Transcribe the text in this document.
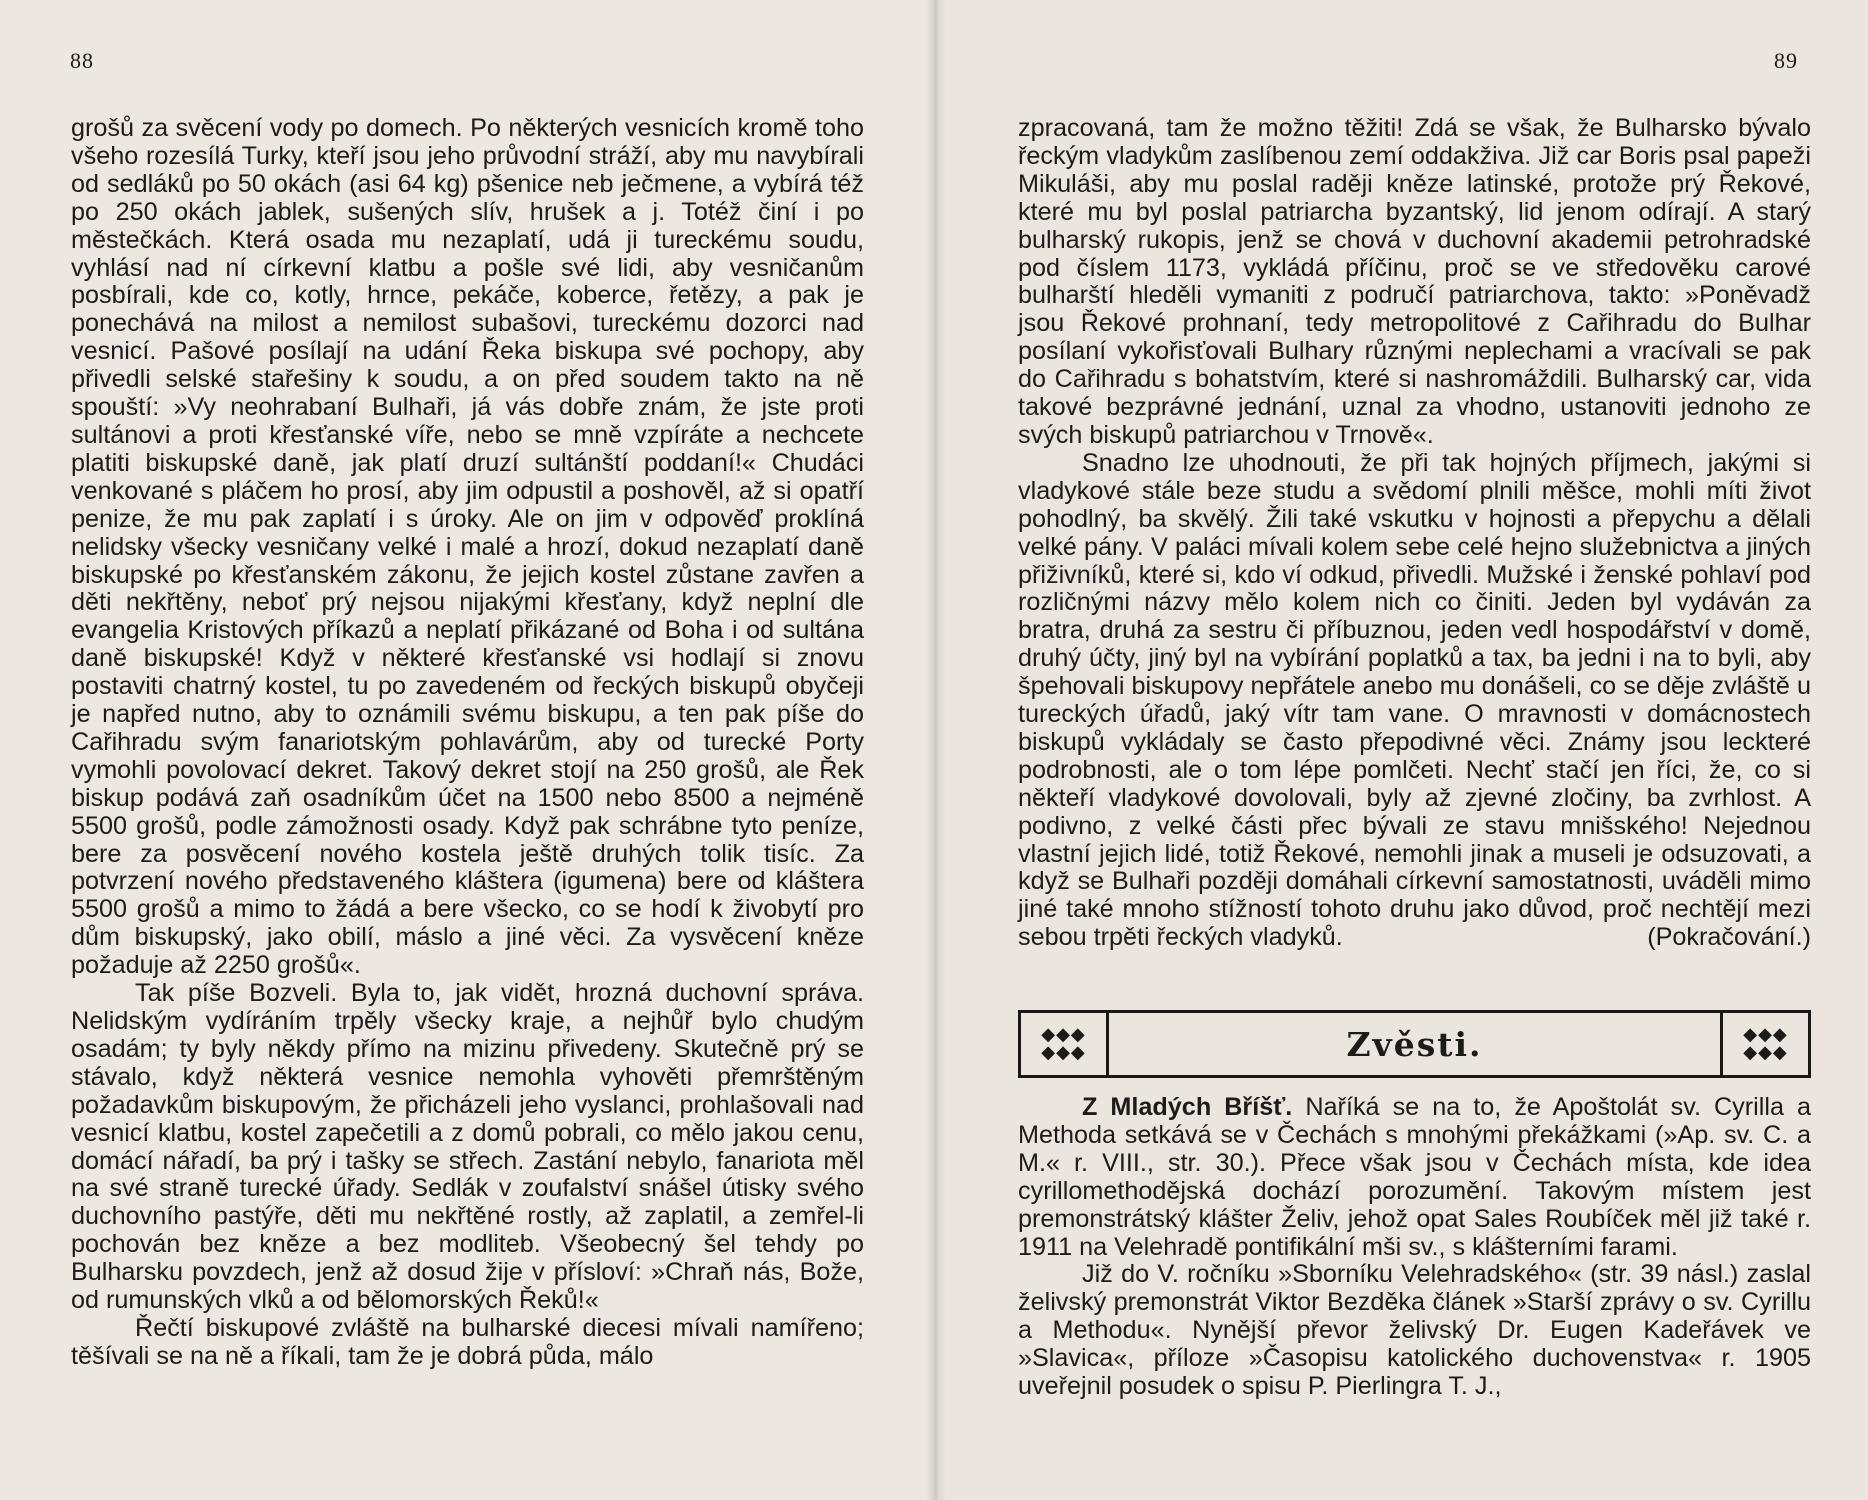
88

grošů za svěcení vody po domech. Po některých vesnicích kromě toho všeho rozesílá Turky, kteří jsou jeho průvodní stráží, aby mu navybírali od sedláků po 50 okách (asi 64 kg) pšenice neb ječmene, a vybírá též po 250 okách jablek, sušených slív, hrušek a j. Totéž činí i po městečkách. Která osada mu nezaplatí, udá ji tureckému soudu, vyhlásí nad ní církevní klatbu a pošle své lidi, aby vesničanům posbírali, kde co, kotly, hrnce, pekáče, koberce, řetězy, a pak je ponechává na milost a nemilost subašovi, tureckému dozorci nad vesnicí. Pašové posílají na udání Řeka biskupa své pochopy, aby přivedli selské stařešiny k soudu, a on před soudem takto na ně spouští: »Vy neohrabaní Bulhaři, já vás dobře znám, že jste proti sultánovi a proti křesťanské víře, nebo se mně vzpíráte a nechcete platiti biskupské daně, jak platí druzí sultánští poddaní!« Chudáci venkované s pláčem ho prosí, aby jim odpustil a poshověl, až si opatří penize, že mu pak zaplatí i s úroky. Ale on jim v odpověď proklíná nelidsky všecky vesničany velké i malé a hrozí, dokud nezaplatí daně biskupské po křesťanském zákonu, že jejich kostel zůstane zavřen a děti nekřtěny, neboť prý nejsou nijakými křesťany, když neplní dle evangelia Kristových příkazů a neplatí přikázané od Boha i od sultána daně biskupské! Když v některé křesťanské vsi hodlají si znovu postaviti chatrný kostel, tu po zavedeném od řeckých biskupů obyčeji je napřed nutno, aby to oznámili svému biskupu, a ten pak píše do Cařihradu svým fanariotským pohlavárům, aby od turecké Porty vymohli povolovací dekret. Takový dekret stojí na 250 grošů, ale Řek biskup podává zaň osadníkům účet na 1500 nebo 8500 a nejméně 5500 grošů, podle zámožnosti osady. Když pak schrábne tyto peníze, bere za posvěcení nového kostela ještě druhých tolik tisíc. Za potvrzení nového představeného kláštera (igumena) bere od kláštera 5500 grošů a mimo to žádá a bere všecko, co se hodí k živobytí pro dům biskupský, jako obilí, máslo a jiné věci. Za vysvěcení kněze požaduje až 2250 grošů«.

Tak píše Bozveli. Byla to, jak vidět, hrozná duchovní správa. Nelidským vydíráním trpěly všecky kraje, a nejhůř bylo chudým osadám; ty byly někdy přímo na mizinu přivedeny. Skutečně prý se stávalo, když některá vesnice nemohla vyhověti přemrštěným požadavkům biskupovým, že přicházeli jeho vyslanci, prohlašovali nad vesnicí klatbu, kostel zapečetili a z domů pobrali, co mělo jakou cenu, domácí nářadí, ba prý i tašky se střech. Zastání nebylo, fanariota měl na své straně turecké úřady. Sedlák v zoufalství snášel útisky svého duchovního pastýře, děti mu nekřtěné rostly, až zaplatil, a zemřel-li pochován bez kněze a bez modliteb. Všeobecný šel tehdy po Bulharsku povzdech, jenž až dosud žije v přísloví: »Chraň nás, Bože, od rumunských vlků a od bělomorských Řeků!«

Řečtí biskupové zvláště na bulharské diecesi mívali namířeno; těšívali se na ně a říkali, tam že je dobrá půda, málo

89

zpracovaná, tam že možno těžiti! Zdá se však, že Bulharsko bývalo řeckým vladykům zaslíbenou zemí oddakživa. Již car Boris psal papeži Mikuláši, aby mu poslal raději kněze latinské, protože prý Řekové, které mu byl poslal patriarcha byzantský, lid jenom odírají. A starý bulharský rukopis, jenž se chová v duchovní akademii petrohradské pod číslem 1173, vykládá příčinu, proč se ve středověku carové bulharští hleděli vymaniti z područí patriarchova, takto: »Poněvadž jsou Řekové prohnaní, tedy metropolitové z Cařihradu do Bulhar posílaní vykořisťovali Bulhary různými neplechami a vracívali se pak do Cařihradu s bohatstvím, které si nashromáždili. Bulharský car, vida takové bezprávné jednání, uznal za vhodno, ustanoviti jednoho ze svých biskupů patriarchou v Trnově«.

Snadno lze uhodnouti, že při tak hojných příjmech, jakými si vladykové stále beze studu a svědomí plnili měšce, mohli míti život pohodlný, ba skvělý. Žili také vskutku v hojnosti a přepychu a dělali velké pány. V paláci mívali kolem sebe celé hejno služebnictva a jiných přiživníků, které si, kdo ví odkud, přivedli. Mužské i ženské pohlaví pod rozličnými názvy mělo kolem nich co činiti. Jeden byl vydáván za bratra, druhá za sestru či příbuznou, jeden vedl hospodářství v domě, druhý účty, jiný byl na vybírání poplatků a tax, ba jedni i na to byli, aby špehovali biskupovy nepřátele anebo mu donášeli, co se děje zvláště u tureckých úřadů, jaký vítr tam vane. O mravnosti v domácnostech biskupů vykládaly se často přepodivné věci. Známy jsou leckteré podrobnosti, ale o tom lépe pomlčeti. Nechť stačí jen říci, že, co si někteří vladykové dovolovali, byly až zjevné zločiny, ba zvrhlost. A podivno, z velké části přec bývali ze stavu mnišského! Nejednou vlastní jejich lidé, totiž Řekové, nemohli jinak a museli je odsuzovati, a když se Bulhaři později domáhali církevní samostatnosti, uváděli mimo jiné také mnoho stížností tohoto druhu jako důvod, proč nechtějí mezi sebou trpěti řeckých vladyků.	(Pokračování.)

◆◆◆
◆◆◆	Zvěsti.	◆◆◆
◆◆◆

Z Mladých Bříšť. Naříká se na to, že Apoštolát sv. Cyrilla a Methoda setkává se v Čechách s mnohými překážkami (»Ap. sv. C. a M.« r. VIII., str. 30.). Přece však jsou v Čechách místa, kde idea cyrillomethodějská dochází porozumění. Takovým místem jest premonstrátský klášter Želiv, jehož opat Sales Roubíček měl již také r. 1911 na Velehradě pontifikální mši sv., s klášterními farami.

Již do V. ročníku »Sborníku Velehradského« (str. 39 násl.) zaslal želivský premonstrát Viktor Bezděka článek »Starší zprávy o sv. Cyrillu a Methodu«. Nynější převor želivský Dr. Eugen Kadeřávek ve »Slavica«, příloze »Časopisu katolického duchovenstva« r. 1905 uveřejnil posudek o spisu P. Pierlingra T. J.,
